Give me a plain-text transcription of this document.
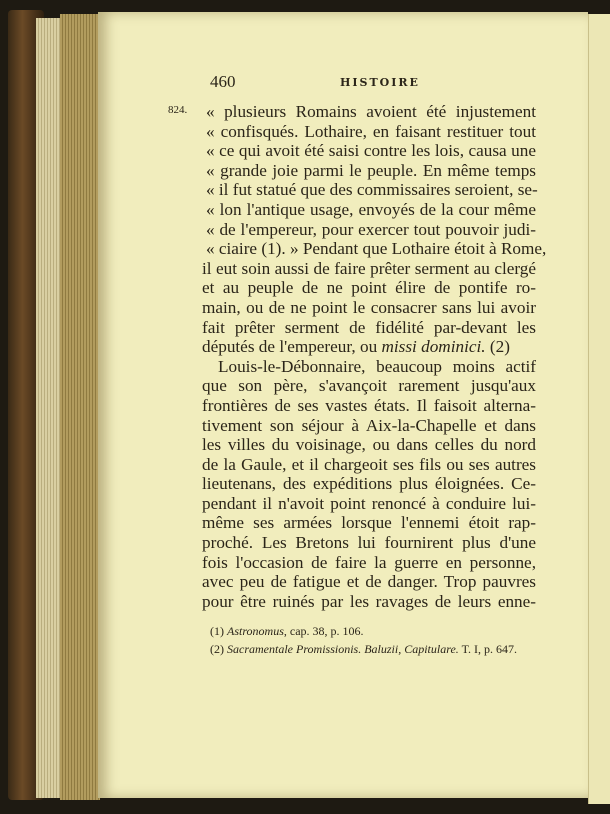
460	HISTOIRE
824. « plusieurs Romains avoient été injustement
« confisqués. Lothaire, en faisant restituer tout
« ce qui avoit été saisi contre les lois, causa une
« grande joie parmi le peuple. En même temps
« il fut statué que des commissaires seroient, se-
« lon l'antique usage, envoyés de la cour même
« de l'empereur, pour exercer tout pouvoir judi-
« ciaire (1). » Pendant que Lothaire étoit à Rome,
il eut soin aussi de faire prêter serment au clergé
et au peuple de ne point élire de pontife ro-
main, ou de ne point le consacrer sans lui avoir
fait prêter serment de fidélité par-devant les
députés de l'empereur, ou missi dominici. (2)
Louis-le-Débonnaire, beaucoup moins actif
que son père, s'avançoit rarement jusqu'aux
frontières de ses vastes états. Il faisoit alterna-
tivement son séjour à Aix-la-Chapelle et dans
les villes du voisinage, ou dans celles du nord
de la Gaule, et il chargeoit ses fils ou ses autres
lieutenans, des expéditions plus éloignées. Ce-
pendant il n'avoit point renoncé à conduire lui-
même ses armées lorsque l'ennemi étoit rap-
proché. Les Bretons lui fournirent plus d'une
fois l'occasion de faire la guerre en personne,
avec peu de fatigue et de danger. Trop pauvres
pour être ruinés par les ravages de leurs enne-
(1) Astronomus, cap. 38, p. 106.
(2) Sacramentale Promissionis. Baluzii, Capitulare. T. I, p. 647.
